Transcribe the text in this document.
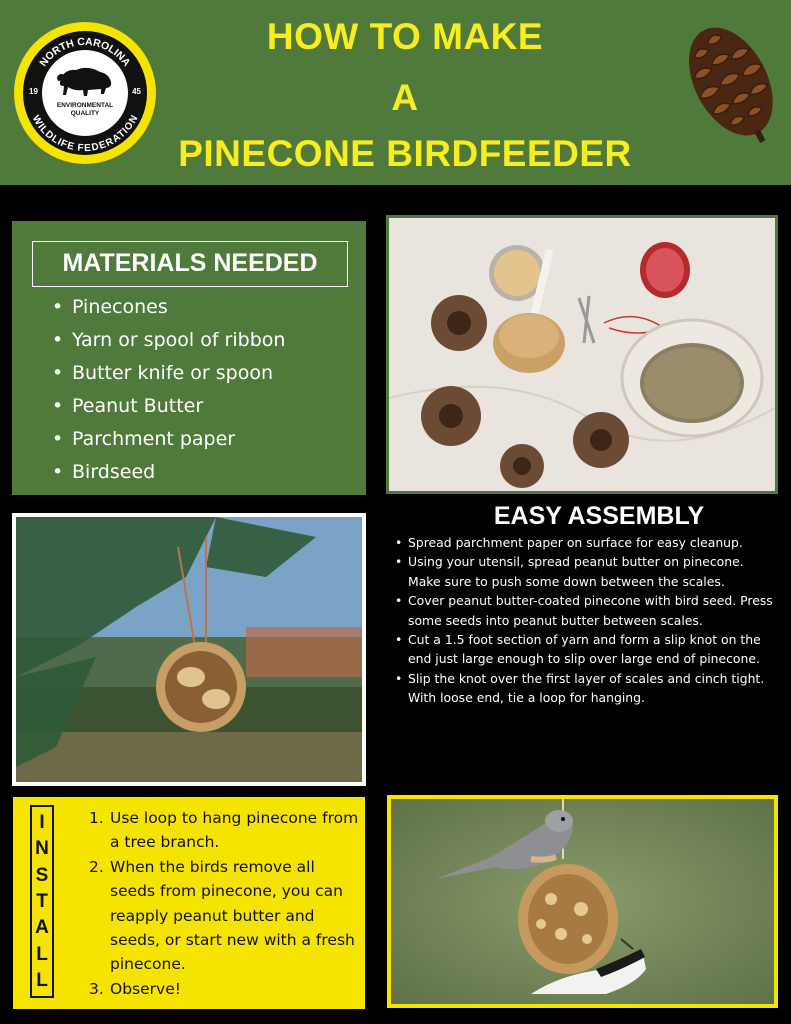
NORTH CAROLINA
WILDLIFE FEDERATION
19	45
ENVIRONMENTAL
QUALITY
HOW TO MAKE
A
PINECONE BIRDFEEDER
MATERIALS NEEDED
• Pinecones
• Yarn or spool of ribbon
• Butter knife or spoon
• Peanut Butter
• Parchment paper
• Birdseed
EASY ASSEMBLY
• Spread parchment paper on surface for easy cleanup.
• Using your utensil, spread peanut butter on pinecone. Make sure to push some down between the scales.
• Cover peanut butter-coated pinecone with bird seed. Press some seeds into peanut butter between scales.
• Cut a 1.5 foot section of yarn and form a slip knot on the end just large enough to slip over large end of pinecone.
• Slip the knot over the first layer of scales and cinch tight. With loose end, tie a loop for hanging.
I
N
S
T
A
L
L
1. Use loop to hang pinecone from a tree branch.
2. When the birds remove all seeds from pinecone, you can reapply peanut butter and seeds, or start new with a fresh pinecone.
3. Observe!
